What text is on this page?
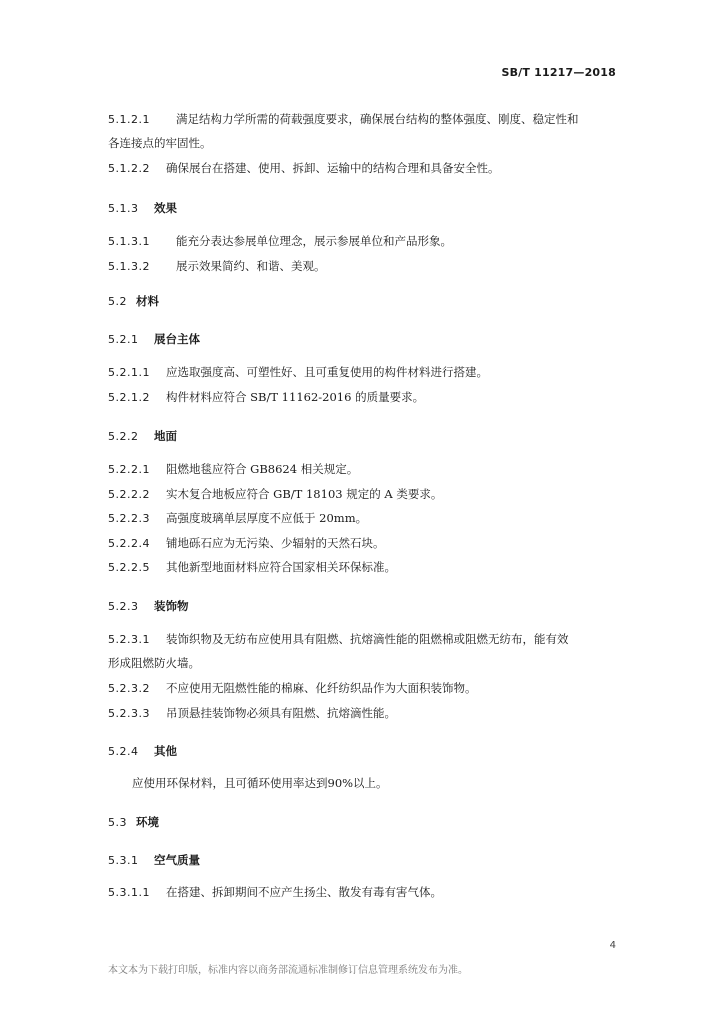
SB/T 11217—2018
5.1.2.1 满足结构力学所需的荷载强度要求，确保展台结构的整体强度、刚度、稳定性和
各连接点的牢固性。
5.1.2.2 确保展台在搭建、使用、拆卸、运输中的结构合理和具备安全性。
5.1.3 效果
5.1.3.1 能充分表达参展单位理念，展示参展单位和产品形象。
5.1.3.2 展示效果简约、和谐、美观。
5.2 材料
5.2.1 展台主体
5.2.1.1 应选取强度高、可塑性好、且可重复使用的构件材料进行搭建。
5.2.1.2 构件材料应符合 SB/T 11162-2016 的质量要求。
5.2.2 地面
5.2.2.1 阻燃地毯应符合 GB8624 相关规定。
5.2.2.2 实木复合地板应符合 GB/T 18103 规定的 A 类要求。
5.2.2.3 高强度玻璃单层厚度不应低于 20mm。
5.2.2.4 铺地砾石应为无污染、少辐射的天然石块。
5.2.2.5 其他新型地面材料应符合国家相关环保标准。
5.2.3 装饰物
5.2.3.1 装饰织物及无纺布应使用具有阻燃、抗熔滴性能的阻燃棉或阻燃无纺布，能有效
形成阻燃防火墙。
5.2.3.2 不应使用无阻燃性能的棉麻、化纤纺织品作为大面积装饰物。
5.2.3.3 吊顶悬挂装饰物必须具有阻燃、抗熔滴性能。
5.2.4 其他
应使用环保材料，且可循环使用率达到90%以上。
5.3 环境
5.3.1 空气质量
5.3.1.1 在搭建、拆卸期间不应产生扬尘、散发有毒有害气体。
4
本文本为下载打印版，标准内容以商务部流通标准制修订信息管理系统发布为准。
